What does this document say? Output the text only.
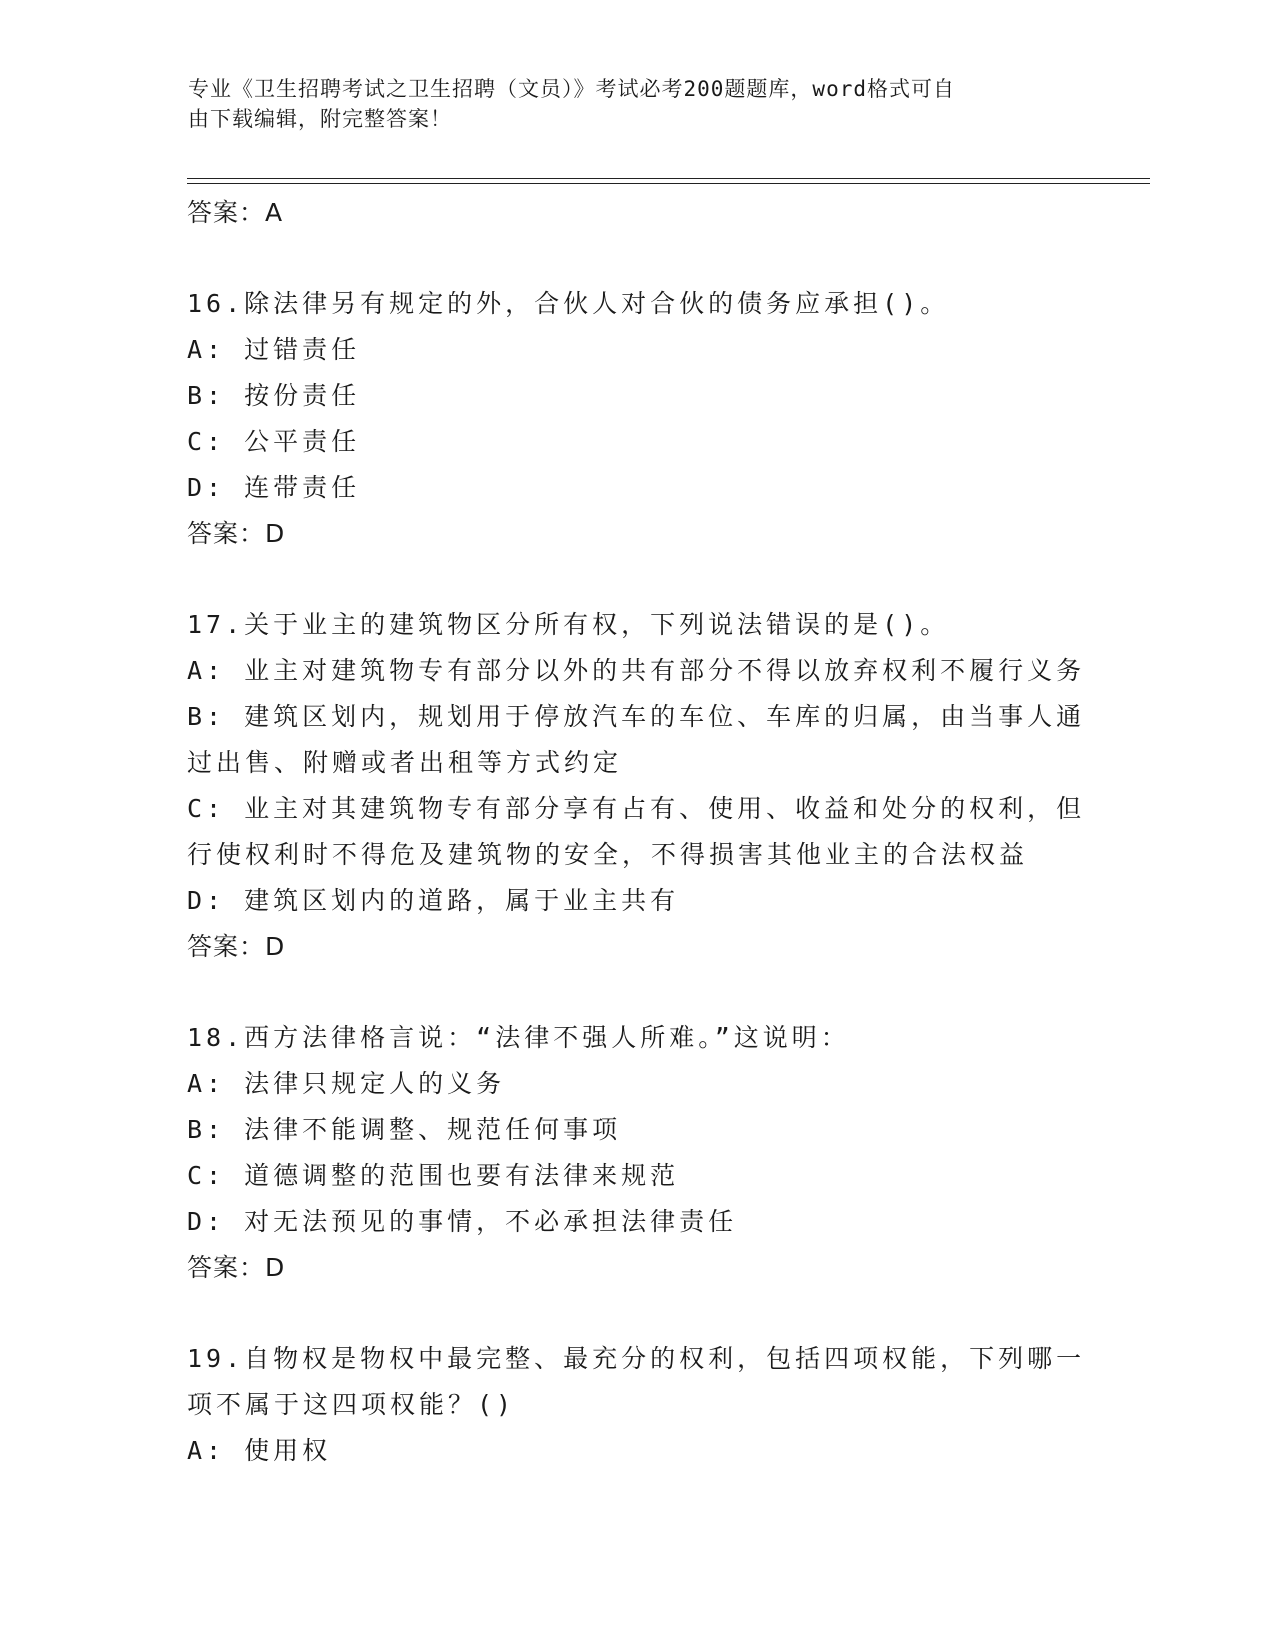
专业《卫生招聘考试之卫生招聘（文员）》考试必考200题题库，word格式可自
由下载编辑，附完整答案！
答案：A
16.除法律另有规定的外，合伙人对合伙的债务应承担()。
A: 过错责任
B: 按份责任
C: 公平责任
D: 连带责任
答案：D
17.关于业主的建筑物区分所有权，下列说法错误的是()。
A: 业主对建筑物专有部分以外的共有部分不得以放弃权利不履行义务
B: 建筑区划内，规划用于停放汽车的车位、车库的归属，由当事人通
过出售、附赠或者出租等方式约定
C: 业主对其建筑物专有部分享有占有、使用、收益和处分的权利，但
行使权利时不得危及建筑物的安全，不得损害其他业主的合法权益
D: 建筑区划内的道路，属于业主共有
答案：D
18.西方法律格言说：“法律不强人所难。”这说明：
A: 法律只规定人的义务
B: 法律不能调整、规范任何事项
C: 道德调整的范围也要有法律来规范
D: 对无法预见的事情，不必承担法律责任
答案：D
19.自物权是物权中最完整、最充分的权利，包括四项权能，下列哪一
项不属于这四项权能？()
A: 使用权
